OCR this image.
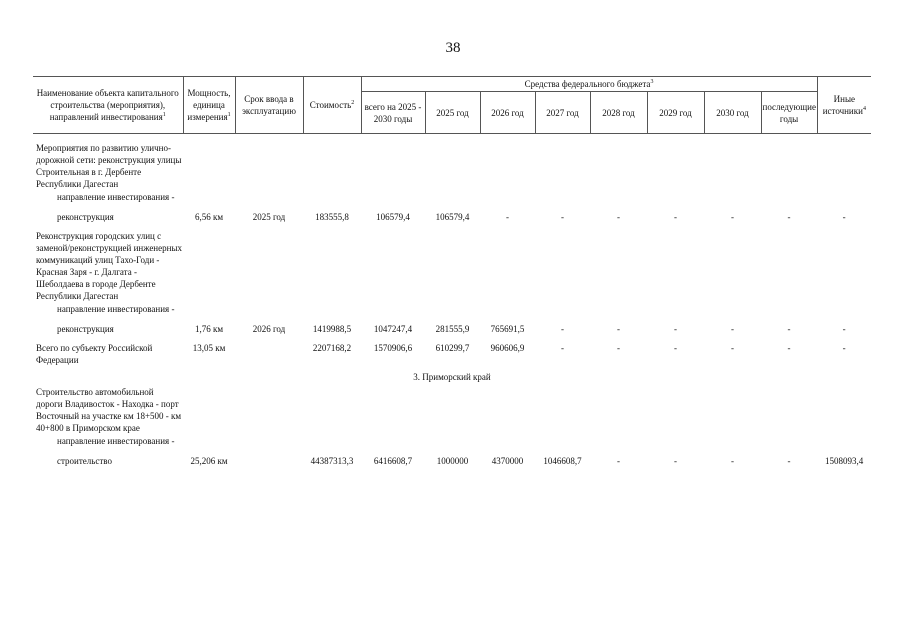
38
Наименование объекта капитального строительства (мероприятия), направлений инвестирования$^1$	Мощность, единица измерения$^1$	Срок ввода в эксплуатацию	Стоимость$^2$	Средства федерального бюджета$^3$								Иные источники$^4$
				всего на 2025 - 2030 годы	2025 год	2026 год	2027 год	2028 год	2029 год	2030 год	последующие годы	

Мероприятия по развитию улично-дорожной сети: реконструкция улицы Строительная в г. Дербенте Республики Дагестан												
направление инвестирования -												
реконструкция	6,56 км	2025 год	183555,8	106579,4	106579,4	-	-	-	-	-	-	-
Реконструкция городских улиц с заменой/реконструкцией инженерных коммуникаций улиц Тахо-Годи - Красная Заря - г. Далгата - Шебoлдаева в городе Дербенте Республики Дагестан												
направление инвестирования -												
реконструкция	1,76 км	2026 год	1419988,5	1047247,4	281555,9	765691,5	-	-	-	-	-	-
Всего по субъекту Российской Федерации	13,05 км		2207168,2	1570906,6	610299,7	960606,9	-	-	-	-	-	-
3. Приморский край												
Строительство автомобильной дороги Владивосток - Находка - порт Восточный на участке км 18+500 - км 40+800 в Приморском крае												
направление инвестирования -												
строительство	25,206 км		44387313,3	6416608,7	1000000	4370000	1046608,7	-	-	-	-	1508093,4
